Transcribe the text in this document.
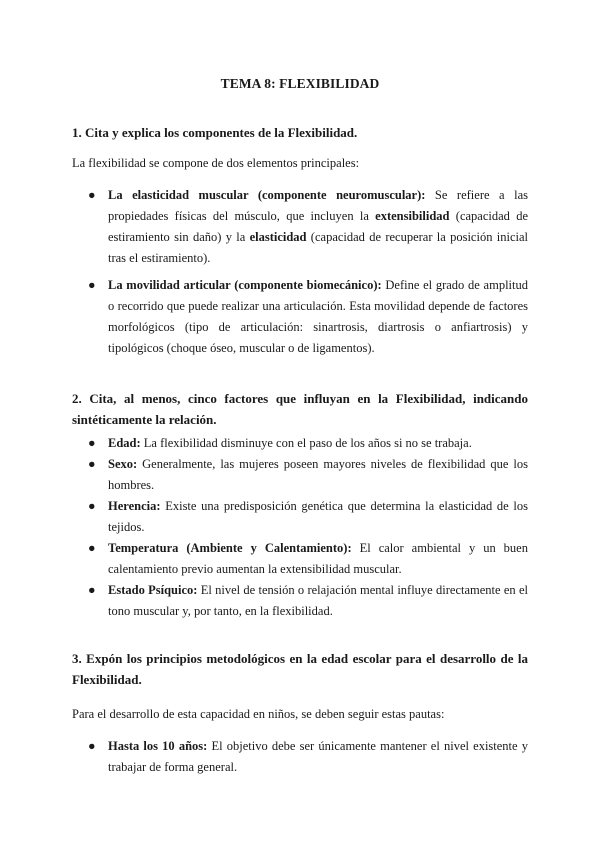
TEMA 8: FLEXIBILIDAD
1. Cita y explica los componentes de la Flexibilidad.
La flexibilidad se compone de dos elementos principales:
● La elasticidad muscular (componente neuromuscular): Se refiere a las propiedades físicas del músculo, que incluyen la extensibilidad (capacidad de estiramiento sin daño) y la elasticidad (capacidad de recuperar la posición inicial tras el estiramiento).
● La movilidad articular (componente biomecánico): Define el grado de amplitud o recorrido que puede realizar una articulación. Esta movilidad depende de factores morfológicos (tipo de articulación: sinartrosis, diartrosis o anfiartrosis) y tipológicos (choque óseo, muscular o de ligamentos).
2. Cita, al menos, cinco factores que influyan en la Flexibilidad, indicando sintéticamente la relación.
● Edad: La flexibilidad disminuye con el paso de los años si no se trabaja.
● Sexo: Generalmente, las mujeres poseen mayores niveles de flexibilidad que los hombres.
● Herencia: Existe una predisposición genética que determina la elasticidad de los tejidos.
● Temperatura (Ambiente y Calentamiento): El calor ambiental y un buen calentamiento previo aumentan la extensibilidad muscular.
● Estado Psíquico: El nivel de tensión o relajación mental influye directamente en el tono muscular y, por tanto, en la flexibilidad.
3. Expón los principios metodológicos en la edad escolar para el desarrollo de la Flexibilidad.
Para el desarrollo de esta capacidad en niños, se deben seguir estas pautas:
● Hasta los 10 años: El objetivo debe ser únicamente mantener el nivel existente y trabajar de forma general.
